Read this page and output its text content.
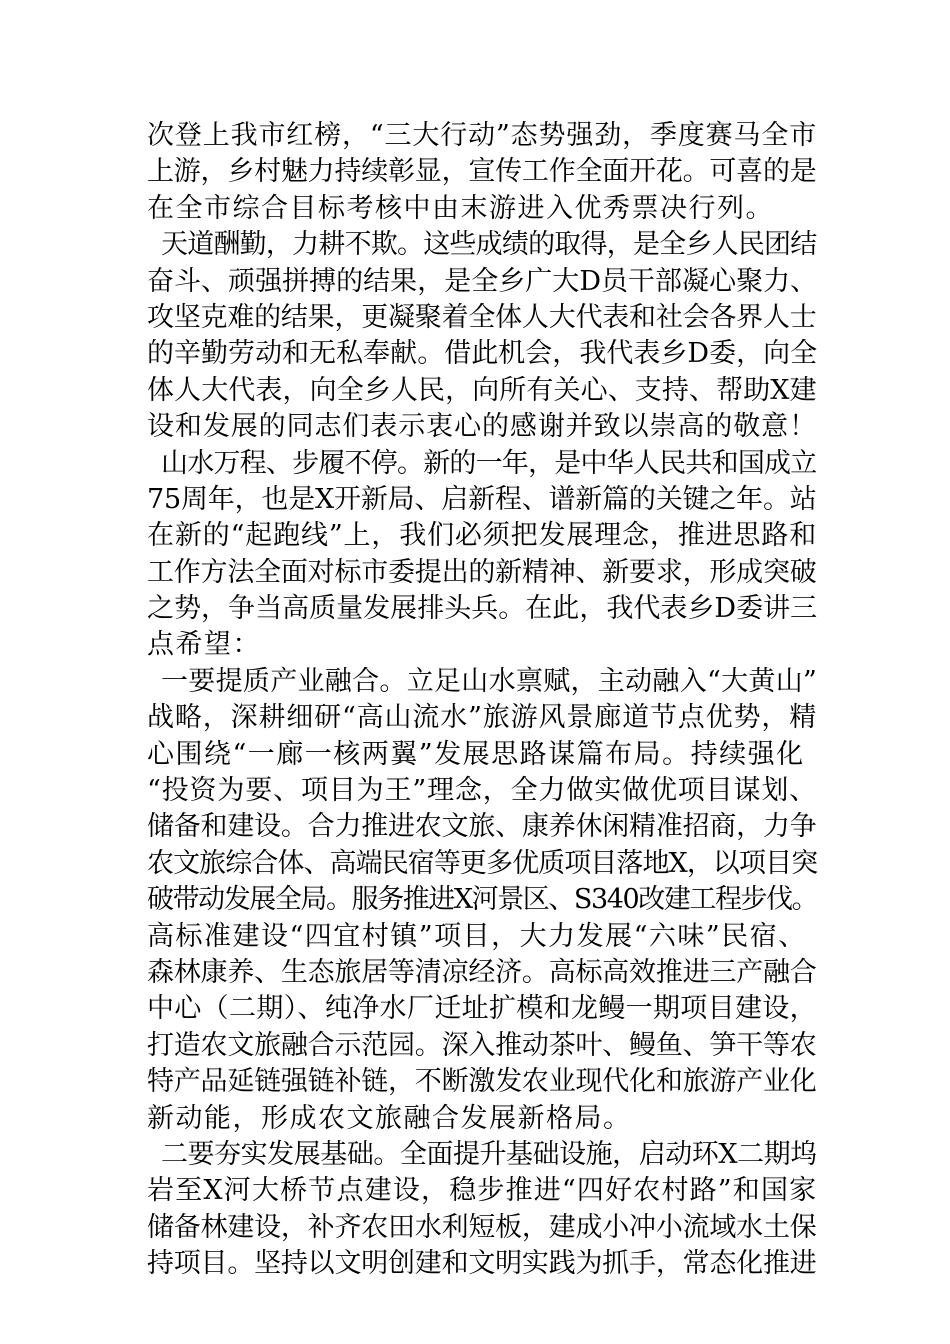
次登上我市红榜，“三大行动”态势强劲，季度赛马全市
上游，乡村魅力持续彰显，宣传工作全面开花。可喜的是
在全市综合目标考核中由末游进入优秀票决行列。
天道酬勤，力耕不欺。这些成绩的取得，是全乡人民团结
奋斗、顽强拼搏的结果，是全乡广大D员干部凝心聚力、
攻坚克难的结果，更凝聚着全体人大代表和社会各界人士
的辛勤劳动和无私奉献。借此机会，我代表乡D委，向全
体人大代表，向全乡人民，向所有关心、支持、帮助X建
设和发展的同志们表示衷心的感谢并致以崇高的敬意！
山水万程、步履不停。新的一年，是中华人民共和国成立
75周年，也是X开新局、启新程、谱新篇的关键之年。站
在新的“起跑线”上，我们必须把发展理念，推进思路和
工作方法全面对标市委提出的新精神、新要求，形成突破
之势，争当高质量发展排头兵。在此，我代表乡D委讲三
点希望：
一要提质产业融合。立足山水禀赋，主动融入“大黄山”
战略，深耕细研“高山流水”旅游风景廊道节点优势，精
心围绕“一廊一核两翼”发展思路谋篇布局。持续强化
“投资为要、项目为王”理念，全力做实做优项目谋划、
储备和建设。合力推进农文旅、康养休闲精准招商，力争
农文旅综合体、高端民宿等更多优质项目落地X，以项目突
破带动发展全局。服务推进X河景区、S340改建工程步伐。
高标准建设“四宜村镇”项目，大力发展“六味”民宿、
森林康养、生态旅居等清凉经济。高标高效推进三产融合
中心（二期）、纯净水厂迁址扩模和龙鳗一期项目建设，
打造农文旅融合示范园。深入推动茶叶、鳗鱼、笋干等农
特产品延链强链补链，不断激发农业现代化和旅游产业化
新动能，形成农文旅融合发展新格局。
二要夯实发展基础。全面提升基础设施，启动环X二期坞
岩至X河大桥节点建设，稳步推进“四好农村路”和国家
储备林建设，补齐农田水利短板，建成小冲小流域水土保
持项目。坚持以文明创建和文明实践为抓手，常态化推进
